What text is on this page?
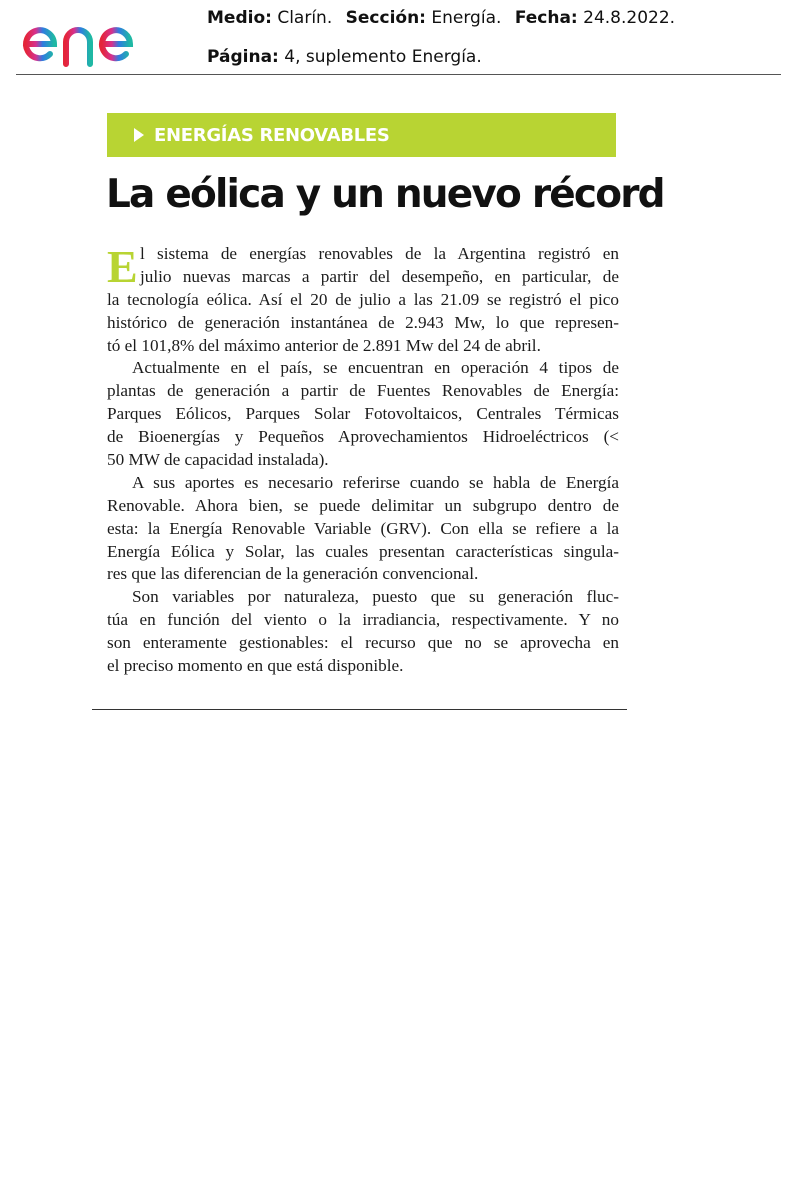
Medio: Clarín. Sección: Energía. Fecha: 24.8.2022.
Página: 4, suplemento Energía.
ENERGÍAS RENOVABLES
La eólica y un nuevo récord
E l sistema de energías renovables de la Argentina registró en
julio nuevas marcas a partir del desempeño, en particular, de
la tecnología eólica. Así el 20 de julio a las 21.09 se registró el pico
histórico de generación instantánea de 2.943 Mw, lo que represen-
tó el 101,8% del máximo anterior de 2.891 Mw del 24 de abril.
Actualmente en el país, se encuentran en operación 4 tipos de
plantas de generación a partir de Fuentes Renovables de Energía:
Parques Eólicos, Parques Solar Fotovoltaicos, Centrales Térmicas
de Bioenergías y Pequeños Aprovechamientos Hidroeléctricos (<
50 MW de capacidad instalada).
A sus aportes es necesario referirse cuando se habla de Energía
Renovable. Ahora bien, se puede delimitar un subgrupo dentro de
esta: la Energía Renovable Variable (GRV). Con ella se refiere a la
Energía Eólica y Solar, las cuales presentan características singula-
res que las diferencian de la generación convencional.
Son variables por naturaleza, puesto que su generación fluc-
túa en función del viento o la irradiancia, respectivamente. Y no
son enteramente gestionables: el recurso que no se aprovecha en
el preciso momento en que está disponible.
